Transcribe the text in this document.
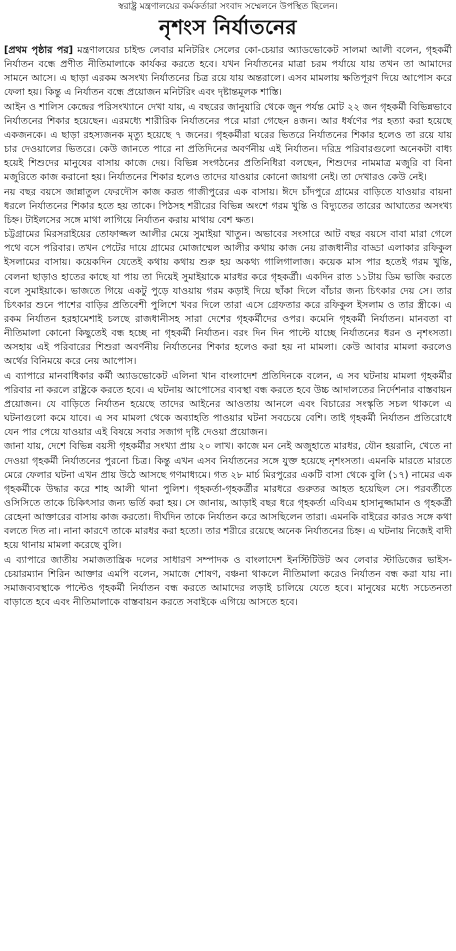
স্বরাষ্ট্র মন্ত্রণালয়ের কর্মকর্তারা সংবাদ সম্মেলনে উপস্থিত ছিলেন।
নৃশংস নির্যাতনের

[প্রথম পৃষ্ঠার পর] মন্ত্রণালয়ের চাইল্ড লেবার মনিটরিং সেলের কো-চেয়ার অ্যাডভোকেট সালমা আলী বলেন, গৃহকর্মী নির্যাতন বন্ধে প্রণীত নীতিমালাকে কার্যকর করতে হবে। যখন নির্যাতনের মাত্রা চরম পর্যায়ে যায় তখন তা আমাদের সামনে আসে। এ ছাড়া এরকম অসংখ্য নির্যাতনের চিত্র রয়ে যায় অন্তরালে। এসব মামলায় ক্ষতিপূরণ দিয়ে আপোস করে ফেলা হয়। কিন্তু এ নির্যাতন বন্ধে প্রয়োজন মনিটরিং এবং দৃষ্টান্তমূলক শাস্তি।

আইন ও শালিস কেন্দ্রের পরিসংখ্যানে দেখা যায়, এ বছরের জানুয়ারি থেকে জুন পর্যন্ত মোট ২২ জন গৃহকর্মী বিভিন্নভাবে নির্যাতনের শিকার হয়েছেন। এরমধ্যে শারীরিক নির্যাতনের পরে মারা গেছেন ৪জন। আর ধর্ষণের পর হত্যা করা হয়েছে একজনকে। এ ছাড়া রহস্যজনক মৃত্যু হয়েছে ৭ জনের। গৃহকর্মীরা ঘরের ভিতরে নির্যাতনের শিকার হলেও তা রয়ে যায় চার দেওয়ালের ভিতরে। কেউ জানতে পারে না প্রতিদিনের অবর্ণনীয় এই নির্যাতন। দরিদ্র পরিবারগুলো অনেকটা বাধ্য হয়েই শিশুদের মানুষের বাসায় কাজে দেয়। বিভিন্ন সংগঠনের প্রতিনিধিরা বলছেন, শিশুদের নামমাত্র মজুরি বা বিনা মজুরিতে কাজ করানো হয়। নির্যাতনের শিকার হলেও তাদের যাওয়ার কোনো জায়গা নেই। তা দেখারও কেউ নেই।

নয় বছর বয়সে জান্নাতুল ফেরদৌস কাজ করত গাজীপুরের এক বাসায়। ঈদে চাঁদপুরে গ্রামের বাড়িতে যাওয়ার বায়না ধরলে নির্যাতনের শিকার হতে হয় তাকে। পিঠসহ শরীরের বিভিন্ন অংশে গরম খুন্তি ও বিদ্যুতের তারের আঘাতের অসংখ্য চিহ্ন। টাইলসের সঙ্গে মাথা লাগিয়ে নির্যাতন করায় মাথায় বেশ ক্ষত।

চট্টগ্রামের মিরসরাইয়ের তোফাজ্জল আলীর মেয়ে সুমাইয়া খাতুন। অভাবের সংসারে আট বছর বয়সে বাবা মারা গেলে পথে বসে পরিবার। তখন পেটের দায়ে গ্রামের মোজাম্মেল আলীর কথায় কাজ নেয় রাজধানীর বাড্ডা এলাকার রফিকুল ইসলামের বাসায়। কয়েকদিন যেতেই কথায় কথায় শুরু হয় অকথ্য গালিগালাজ। কয়েক মাস পার হতেই গরম খুন্তি, বেলনা ছাড়াও হাতের কাছে যা পায় তা দিয়েই সুমাইয়াকে মারধর করে গৃহকর্ত্রী। একদিন রাত ১১টায় ডিম ভাজি করতে বলে সুমাইয়াকে। ভাজতে গিয়ে একটু পুড়ে যাওয়ায় গরম কড়াই দিয়ে ছাঁকা দিলে বাঁচার জন্য চিৎকার দেয় সে। তার চিৎকার শুনে পাশের বাড়ির প্রতিবেশী পুলিশে খবর দিলে তারা এসে গ্রেফতার করে রফিকুল ইসলাম ও তার স্ত্রীকে। এ রকম নির্যাতন হরহামেশাই চলছে রাজধানীসহ সারা দেশের গৃহকর্মীদের ওপর। কমেনি গৃহকর্মী নির্যাতন। মানবতা বা নীতিমালা কোনো কিছুতেই বন্ধ হচ্ছে না গৃহকর্মী নির্যাতন। বরং দিন দিন পাল্টে যাচ্ছে নির্যাতনের ধরন ও নৃশংসতা। অসহায় এই পরিবারের শিশুরা অবর্ণনীয় নির্যাতনের শিকার হলেও করা হয় না মামলা। কেউ আবার মামলা করলেও অর্থের বিনিময়ে করে নেয় আপোস।

এ ব্যাপারে মানবাধিকার কর্মী অ্যাডভোকেট এলিনা খান বাংলাদেশ প্রতিদিনকে বলেন, এ সব ঘটনায় মামলা গৃহকর্মীর পরিবার না করলে রাষ্ট্রকে করতে হবে। এ ঘটনায় আপোসের ব্যবস্থা বন্ধ করতে হবে উচ্চ আদালতের নির্দেশনার বাস্তবায়ন প্রয়োজন। যে বাড়িতে নির্যাতন হয়েছে তাদের আইনের আওতায় আনলে এবং বিচারের সংস্কৃতি সচল থাকলে এ ঘটনাগুলো কমে যাবে। এ সব মামলা থেকে অব্যাহতি পাওয়ার ঘটনা সবচেয়ে বেশি। তাই গৃহকর্মী নির্যাতন প্রতিরোধে যেন পার পেয়ে যাওয়ার এই বিষয়ে সবার সজাগ দৃষ্টি দেওয়া প্রয়োজন।

জানা যায়, দেশে বিভিন্ন বয়সী গৃহকর্মীর সংখ্যা প্রায় ২০ লাখ। কাজে মন নেই অজুহাতে মারধর, যৌন হয়রানি, খেতে না দেওয়া গৃহকর্মী নির্যাতনের পুরনো চিত্র। কিন্তু এখন এসব নির্যাতনের সঙ্গে যুক্ত হয়েছে নৃশংসতা। এমনকি মারতে মারতে মেরে ফেলার ঘটনা এখন প্রায় উঠে আসছে গণমাধ্যমে। গত ২৮ মার্চ মিরপুরের একটি বাসা থেকে বুলি (১৭) নামের এক গৃহকর্মীকে উদ্ধার করে শাহ আলী থানা পুলিশ। গৃহকর্তা-গৃহকর্ত্রীর মারধরে গুরুতর আহত হয়েছিল সে। পরবর্তীতে ওসিসিতে তাকে চিকিৎসার জন্য ভর্তি করা হয়। সে জানায়, আড়াই বছর ধরে গৃহকর্তা এবিএম হাসানুজ্জামান ও গৃহকর্ত্রী রেহেনা আক্তারের বাসায় কাজ করতো। দীর্ঘদিন তাকে নির্যাতন করে আসছিলেন তারা। এমনকি বাইরের কারও সঙ্গে কথা বলতে দিত না। নানা কারণে তাকে মারধর করা হতো। তার শরীরে রয়েছে অনেক নির্যাতনের চিহ্ন। এ ঘটনায় নিজেই বাদী হয়ে থানায় মামলা করেছে বুলি।

এ ব্যাপারে জাতীয় সমাজতান্ত্রিক দলের সাধারণ সম্পাদক ও বাংলাদেশ ইনস্টিটিউট অব লেবার স্টাডিজের ভাইস- চেয়ারম্যান শিরিন আক্তার এমপি বলেন, সমাজে শোষণ, বঞ্চনা থাকলে নীতিমালা করেও নির্যাতন বন্ধ করা যায় না। সমাজব্যবস্থাকে পাল্টেও গৃহকর্মী নির্যাতন বন্ধ করতে আমাদের লড়াই চালিয়ে যেতে হবে। মানুষের মধ্যে সচেতনতা বাড়াতে হবে এবং নীতিমালাকে বাস্তবায়ন করতে সবাইকে এগিয়ে আসতে হবে।
